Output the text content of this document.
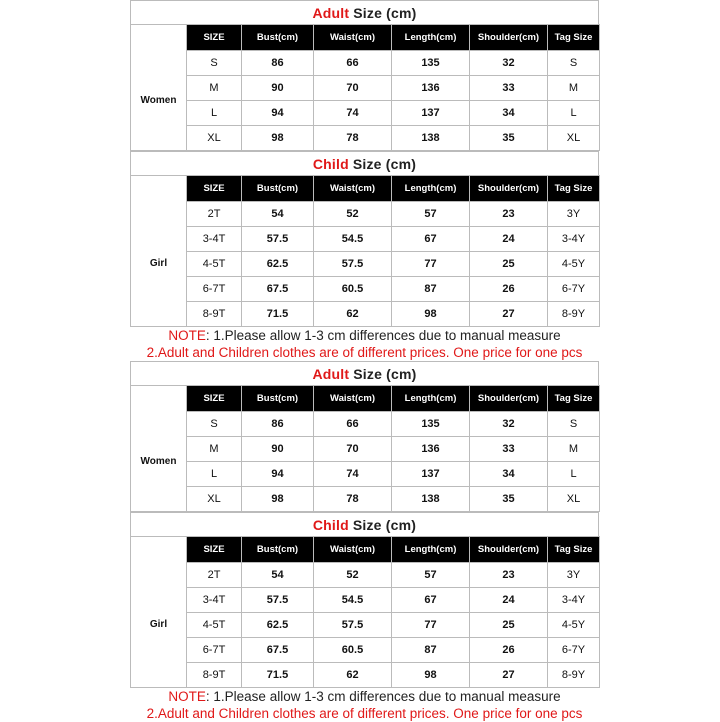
Adult Size (cm)
	SIZE	Bust(cm)	Waist(cm)	Length(cm)	Shoulder(cm)	Tag Size
Women	S	86	66	135	32	S
	M	90	70	136	33	M
	L	94	74	137	34	L
	XL	98	78	138	35	XL
Child Size (cm)
	SIZE	Bust(cm)	Waist(cm)	Length(cm)	Shoulder(cm)	Tag Size
Girl	2T	54	52	57	23	3Y
	3-4T	57.5	54.5	67	24	3-4Y
	4-5T	62.5	57.5	77	25	4-5Y
	6-7T	67.5	60.5	87	26	6-7Y
	8-9T	71.5	62	98	27	8-9Y
NOTE: 1.Please allow 1-3 cm differences due to manual measure
2.Adult and Children clothes are of different prices. One price for one pcs
Adult Size (cm)
	SIZE	Bust(cm)	Waist(cm)	Length(cm)	Shoulder(cm)	Tag Size
Women	S	86	66	135	32	S
	M	90	70	136	33	M
	L	94	74	137	34	L
	XL	98	78	138	35	XL
Child Size (cm)
	SIZE	Bust(cm)	Waist(cm)	Length(cm)	Shoulder(cm)	Tag Size
Girl	2T	54	52	57	23	3Y
	3-4T	57.5	54.5	67	24	3-4Y
	4-5T	62.5	57.5	77	25	4-5Y
	6-7T	67.5	60.5	87	26	6-7Y
	8-9T	71.5	62	98	27	8-9Y
NOTE: 1.Please allow 1-3 cm differences due to manual measure
2.Adult and Children clothes are of different prices. One price for one pcs
